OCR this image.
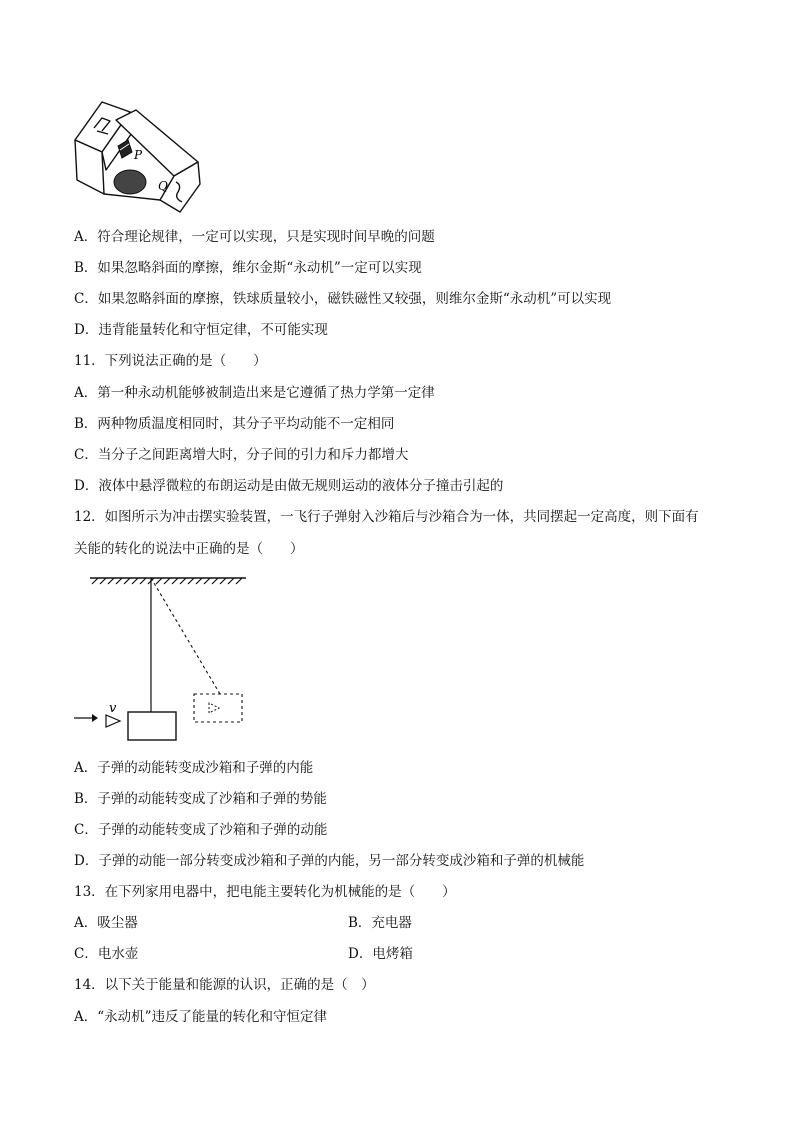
P
Q
A．符合理论规律，一定可以实现，只是实现时间早晚的问题
B．如果忽略斜面的摩擦，维尔金斯“永动机”一定可以实现
C．如果忽略斜面的摩擦，铁球质量较小，磁铁磁性又较强，则维尔金斯“永动机”可以实现
D．违背能量转化和守恒定律，不可能实现
11．下列说法正确的是（　　）
A．第一种永动机能够被制造出来是它遵循了热力学第一定律
B．两种物质温度相同时，其分子平均动能不一定相同
C．当分子之间距离增大时，分子间的引力和斥力都增大
D．液体中悬浮微粒的布朗运动是由做无规则运动的液体分子撞击引起的
12．如图所示为冲击摆实验装置，一飞行子弹射入沙箱后与沙箱合为一体，共同摆起一定高度，则下面有
关能的转化的说法中正确的是（　　）
v
A．子弹的动能转变成沙箱和子弹的内能
B．子弹的动能转变成了沙箱和子弹的势能
C．子弹的动能转变成了沙箱和子弹的动能
D．子弹的动能一部分转变成沙箱和子弹的内能，另一部分转变成沙箱和子弹的机械能
13．在下列家用电器中，把电能主要转化为机械能的是（　　）
A．吸尘器	B．充电器
C．电水壶	D．电烤箱
14．以下关于能量和能源的认识，正确的是（　）
A．“永动机”违反了能量的转化和守恒定律
